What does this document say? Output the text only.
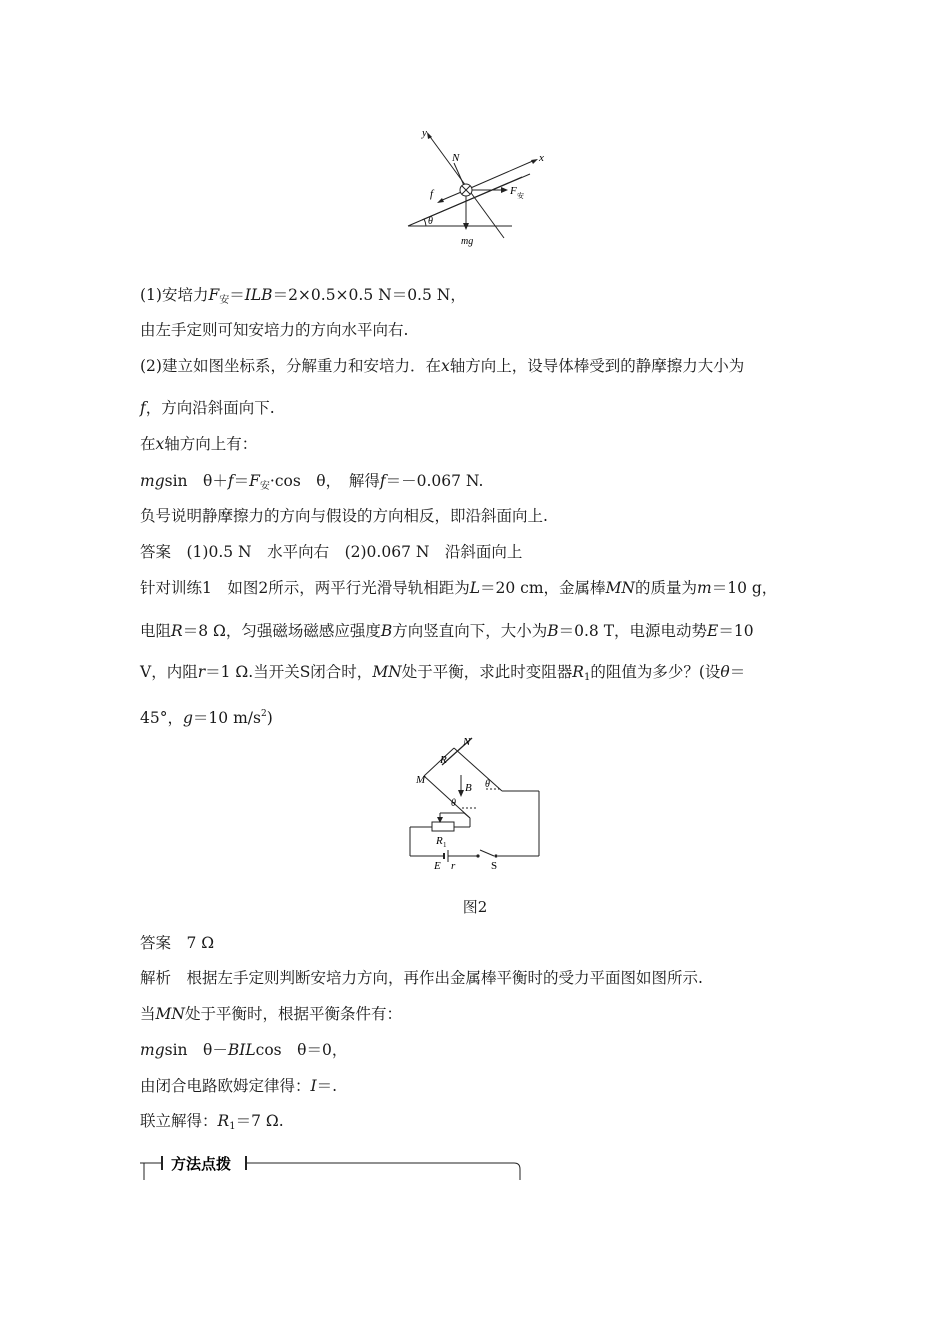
y
x
N
f	F 安
θ
mg
(1)安培力$F_安=ILB=2\times 0.5\times 0.5$ N＝0.5 N，
由左手定则可知安培力的方向水平向右.
(2)建立如图坐标系，分解重力和安培力．在x轴方向上，设导体棒受到的静摩擦力大小为
f，方向沿斜面向下.
在x轴方向上有：
mgsin　$\theta+f=F_安\cdot\cos$　θ，　解得f＝－0.067 N.
负号说明静摩擦力的方向与假设的方向相反，即沿斜面向上.
答案　(1)0.5 N　水平向右　(2)0.067 N　沿斜面向上
针对训练1　如图2所示，两平行光滑导轨相距为L＝20 cm，金属棒MN的质量为m＝10 g，
电阻R＝8 Ω，匀强磁场磁感应强度B方向竖直向下，大小为B＝0.8 T，电源电动势E＝10
V，内阻r＝1 Ω.当开关S闭合时，MN处于平衡，求此时变阻器$R_1$的阻值为多少？(设θ＝
45°，g＝10 $m/s^2$)
R
N
M
B θ
θ
R 1
E r	S
图2
答案　7 Ω
解析　根据左手定则判断安培力方向，再作出金属棒平衡时的受力平面图如图所示.
当MN处于平衡时，根据平衡条件有：
mgsin　θ－BILcos　θ＝0，
由闭合电路欧姆定律得：I＝.
联立解得：$R_1=7$ Ω.
方法点拨
